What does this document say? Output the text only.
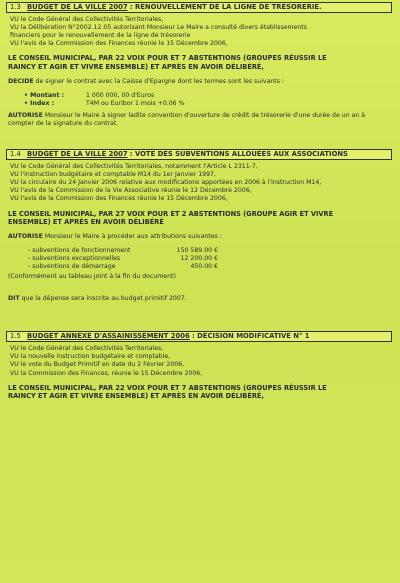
1.3 BUDGET DE LA VILLE 2007 : RENOUVELLEMENT DE LA LIGNE DE TRÉSORERIE.
VU le Code Général des Collectivités Territoriales,
VU la Délibération N°2002.12.05 autorisant Monsieur Le Maire a consulté divers établissements
financiers pour le renouvellement de la ligne de trésorerie
VU l'avis de la Commission des Finances réunie le 15 Décembre 2006,
LE CONSEIL MUNICIPAL, PAR 22 VOIX POUR ET 7 ABSTENTIONS (GROUPES RÉUSSIR LE
RAINCY ET AGIR ET VIVRE ENSEMBLE) ET APRÈS EN AVOIR DÉLIBÉRÉ,
DECIDE de signer le contrat avec la Caisse d'Epargne dont les termes sont les suivants :
• Montant :	1 000 000, 00 d'Euros
• Index :	T4M ou Euribor 1 mois +0.06 %
AUTORISE Monsieur le Maire à signer ladite convention d'ouverture de crédit de trésorerie d'une durée de un an à compter de la signature du contrat.
1.4 BUDGET DE LA VILLE 2007 : VOTE DES SUBVENTIONS ALLOUÉES AUX ASSOCIATIONS
VU le Code Général des Collectivités Territoriales, notamment l'Article L 2311-7,
VU l'instruction budgétaire et comptable M14 du 1er Janvier 1997,
VU la circulaire du 24 Janvier 2006 relative aux modifications apportées en 2006 à l'instruction M14,
VU l'avis de la Commission de la Vie Associative réunie le 12 Décembre 2006,
VU l'avis de la Commission des Finances réunie le 15 Décembre 2006,
LE CONSEIL MUNICIPAL, PAR 27 VOIX POUR ET 2 ABSTENTIONS (GROUPE AGIR ET VIVRE
ENSEMBLE) ET APRÈS EN AVOIR DÉLIBÉRÉ
AUTORISE Monsieur le Maire à procéder aux attributions suivantes :
- subventions de fonctionnement	150 589.00 €
- subventions exceptionnelles	12 200.00 €
- subventions de démarrage	450.00 €
(Conformément au tableau joint à la fin du document)
DIT que la dépense sera inscrite au budget primitif 2007.
1.5 BUDGET ANNEXE D'ASSAINISSEMENT 2006 : DÉCISION MODIFICATIVE N° 1
VU le Code Général des Collectivités Territoriales,
VU la nouvelle instruction budgétaire et comptable,
VU le vote du Budget Primitif en date du 2 Février 2006,
VU la Commission des Finances, réunie le 15 Décembre 2006,
LE CONSEIL MUNICIPAL, PAR 22 VOIX POUR ET 7 ABSTENTIONS (GROUPES RÉUSSIR LE
RAINCY ET AGIR ET VIVRE ENSEMBLE) ET APRÈS EN AVOIR DÉLIBÉRÉ,
